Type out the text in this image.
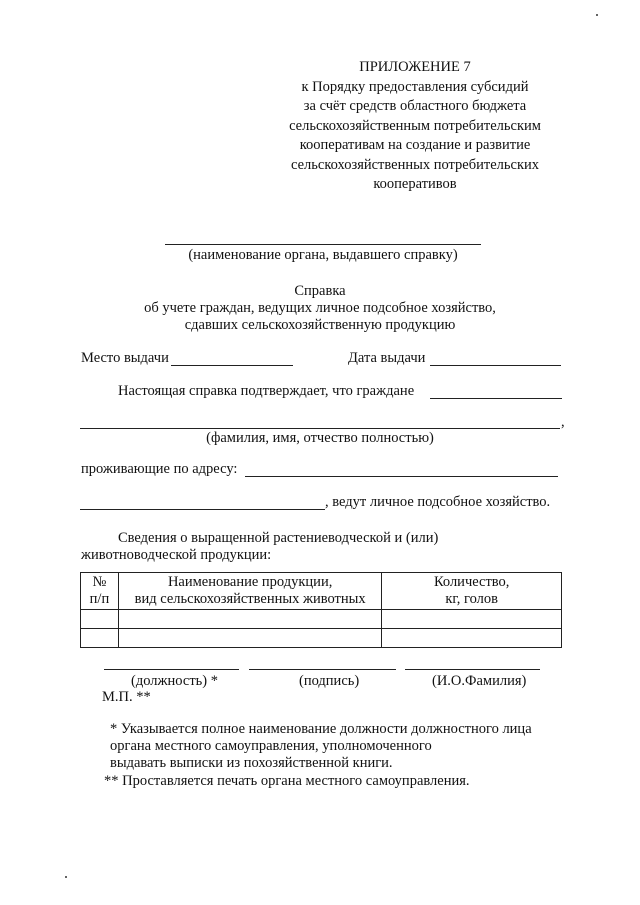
ПРИЛОЖЕНИЕ 7
к Порядку предоставления субсидий
за счёт средств областного бюджета
сельскохозяйственным потребительским
кооперативам на создание и развитие
сельскохозяйственных потребительских
кооперативов
(наименование органа, выдавшего справку)
Справка
об учете граждан, ведущих личное подсобное хозяйство,
сдавших сельскохозяйственную продукцию
Место выдачи	Дата выдачи
Настоящая справка подтверждает, что граждане
,
(фамилия, имя, отчество полностью)
проживающие по адресу:
, ведут личное подсобное хозяйство.
Сведения о выращенной растениеводческой и (или)
животноводческой продукции:
№
п/п	Наименование продукции,
вид сельскохозяйственных животных	Количество,
кг, голов

(должность) *	(подпись)	(И.О.Фамилия)
М.П. **
* Указывается полное наименование должности должностного лица
органа местного самоуправления, уполномоченного
выдавать выписки из похозяйственной книги.
** Проставляется печать органа местного самоуправления.
